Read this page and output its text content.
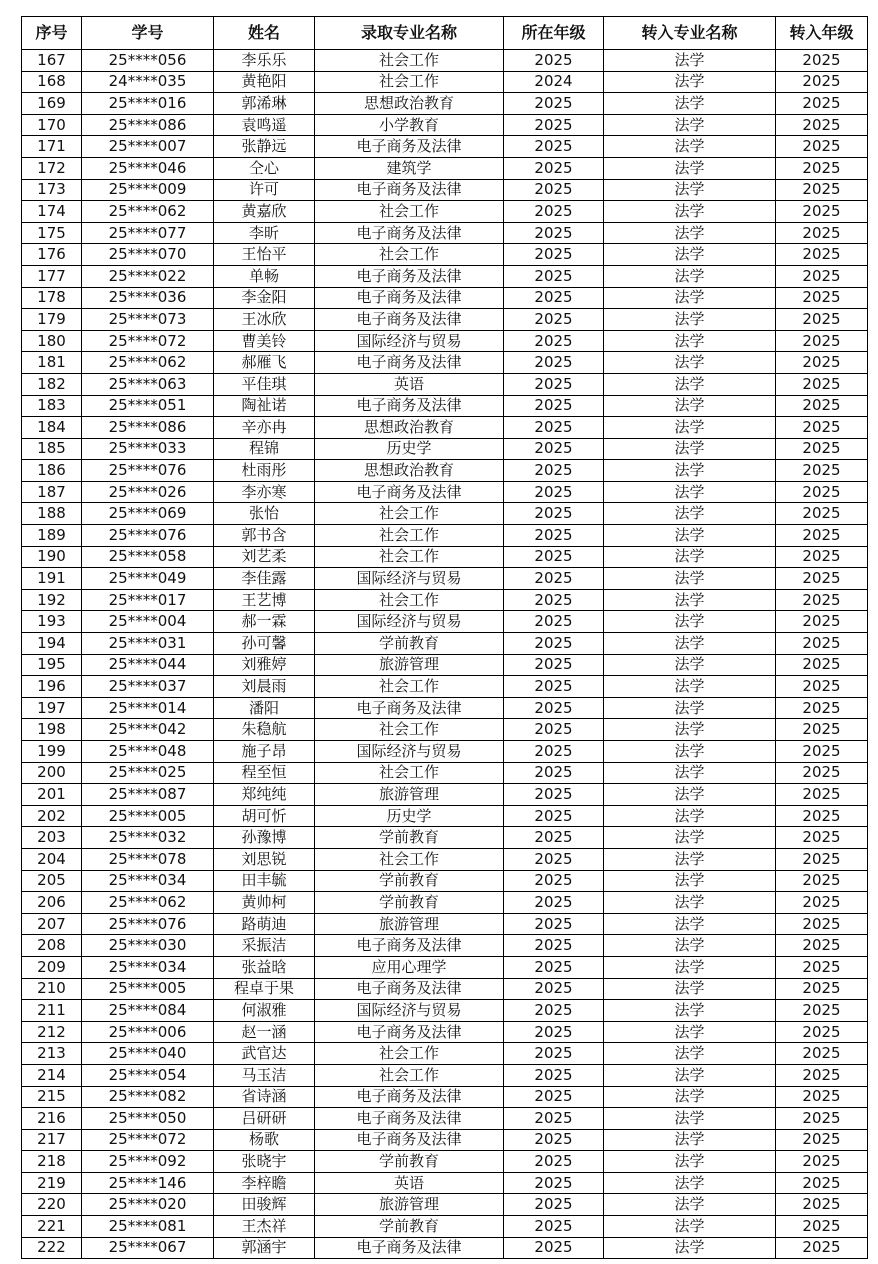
序号	学号	姓名	录取专业名称	所在年级	转入专业名称	转入年级
167	25****056	李乐乐	社会工作	2025	法学	2025
168	24****035	黄艳阳	社会工作	2024	法学	2025
169	25****016	郭浠琳	思想政治教育	2025	法学	2025
170	25****086	袁鸣遥	小学教育	2025	法学	2025
171	25****007	张静远	电子商务及法律	2025	法学	2025
172	25****046	仝心	建筑学	2025	法学	2025
173	25****009	许可	电子商务及法律	2025	法学	2025
174	25****062	黄嘉欣	社会工作	2025	法学	2025
175	25****077	李昕	电子商务及法律	2025	法学	2025
176	25****070	王怡平	社会工作	2025	法学	2025
177	25****022	单畅	电子商务及法律	2025	法学	2025
178	25****036	李金阳	电子商务及法律	2025	法学	2025
179	25****073	王冰欣	电子商务及法律	2025	法学	2025
180	25****072	曹美铃	国际经济与贸易	2025	法学	2025
181	25****062	郝雁飞	电子商务及法律	2025	法学	2025
182	25****063	平佳琪	英语	2025	法学	2025
183	25****051	陶祉诺	电子商务及法律	2025	法学	2025
184	25****086	辛亦冉	思想政治教育	2025	法学	2025
185	25****033	程锦	历史学	2025	法学	2025
186	25****076	杜雨彤	思想政治教育	2025	法学	2025
187	25****026	李亦寒	电子商务及法律	2025	法学	2025
188	25****069	张怡	社会工作	2025	法学	2025
189	25****076	郭书含	社会工作	2025	法学	2025
190	25****058	刘艺柔	社会工作	2025	法学	2025
191	25****049	李佳露	国际经济与贸易	2025	法学	2025
192	25****017	王艺博	社会工作	2025	法学	2025
193	25****004	郝一霖	国际经济与贸易	2025	法学	2025
194	25****031	孙可馨	学前教育	2025	法学	2025
195	25****044	刘雅婷	旅游管理	2025	法学	2025
196	25****037	刘晨雨	社会工作	2025	法学	2025
197	25****014	潘阳	电子商务及法律	2025	法学	2025
198	25****042	朱稳航	社会工作	2025	法学	2025
199	25****048	施子昂	国际经济与贸易	2025	法学	2025
200	25****025	程至恒	社会工作	2025	法学	2025
201	25****087	郑纯纯	旅游管理	2025	法学	2025
202	25****005	胡可忻	历史学	2025	法学	2025
203	25****032	孙豫博	学前教育	2025	法学	2025
204	25****078	刘思锐	社会工作	2025	法学	2025
205	25****034	田丰毓	学前教育	2025	法学	2025
206	25****062	黄帅柯	学前教育	2025	法学	2025
207	25****076	路萌迪	旅游管理	2025	法学	2025
208	25****030	采振洁	电子商务及法律	2025	法学	2025
209	25****034	张益晗	应用心理学	2025	法学	2025
210	25****005	程卓于果	电子商务及法律	2025	法学	2025
211	25****084	何淑雅	国际经济与贸易	2025	法学	2025
212	25****006	赵一涵	电子商务及法律	2025	法学	2025
213	25****040	武官达	社会工作	2025	法学	2025
214	25****054	马玉洁	社会工作	2025	法学	2025
215	25****082	省诗涵	电子商务及法律	2025	法学	2025
216	25****050	吕研研	电子商务及法律	2025	法学	2025
217	25****072	杨歌	电子商务及法律	2025	法学	2025
218	25****092	张晓宇	学前教育	2025	法学	2025
219	25****146	李梓瞻	英语	2025	法学	2025
220	25****020	田骏辉	旅游管理	2025	法学	2025
221	25****081	王杰祥	学前教育	2025	法学	2025
222	25****067	郭涵宇	电子商务及法律	2025	法学	2025
